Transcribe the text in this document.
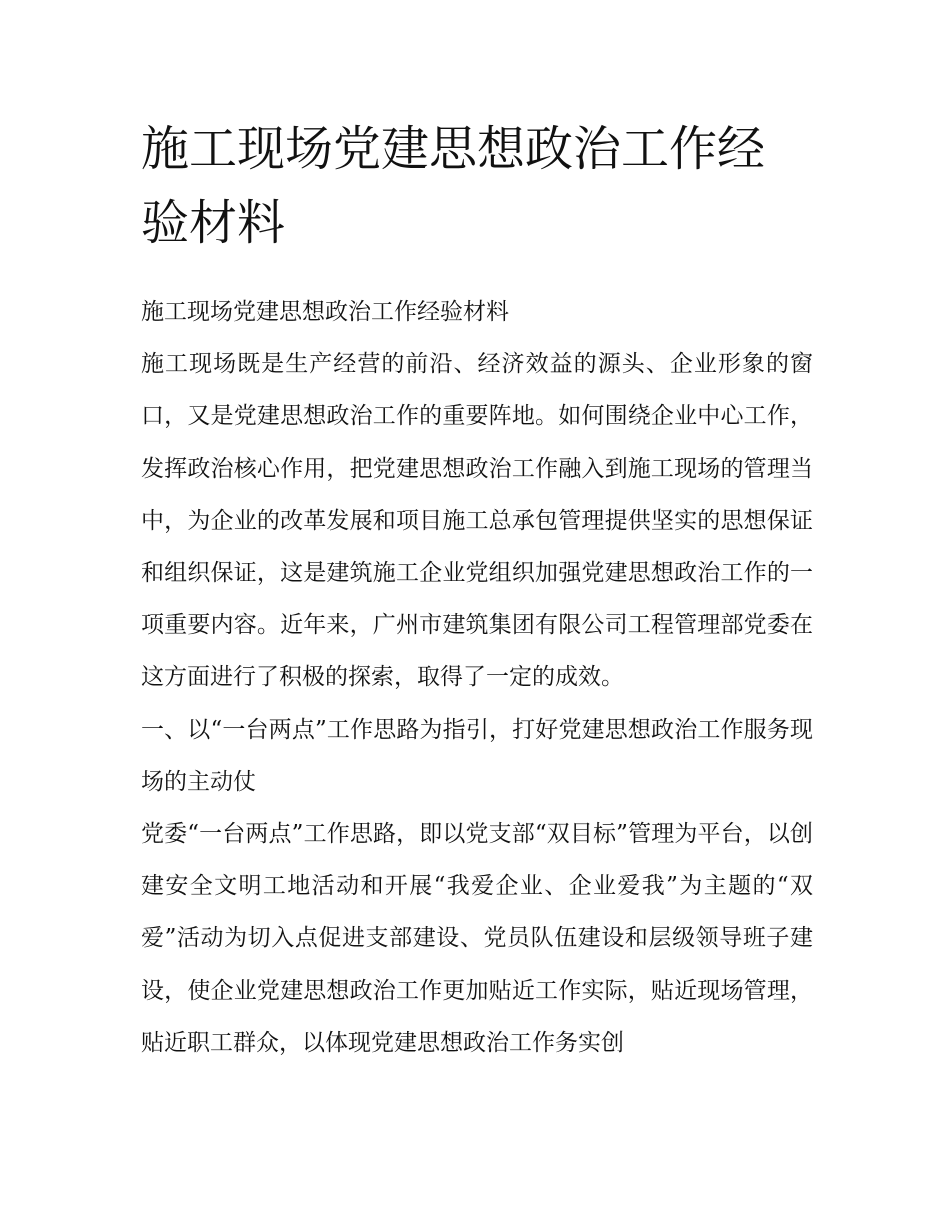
施工现场党建思想政治工作经验材料

施工现场党建思想政治工作经验材料

施工现场既是生产经营的前沿、经济效益的源头、企业形象的窗口，又是党建思想政治工作的重要阵地。如何围绕企业中心工作，发挥政治核心作用，把党建思想政治工作融入到施工现场的管理当中，为企业的改革发展和项目施工总承包管理提供坚实的思想保证和组织保证，这是建筑施工企业党组织加强党建思想政治工作的一项重要内容。近年来，广州市建筑集团有限公司工程管理部党委在这方面进行了积极的探索，取得了一定的成效。

一、以“一台两点”工作思路为指引，打好党建思想政治工作服务现场的主动仗

党委“一台两点”工作思路，即以党支部“双目标”管理为平台，以创建安全文明工地活动和开展“我爱企业、企业爱我”为主题的“双爱”活动为切入点促进支部建设、党员队伍建设和层级领导班子建设，使企业党建思想政治工作更加贴近工作实际，贴近现场管理，贴近职工群众，以体现党建思想政治工作务实创
